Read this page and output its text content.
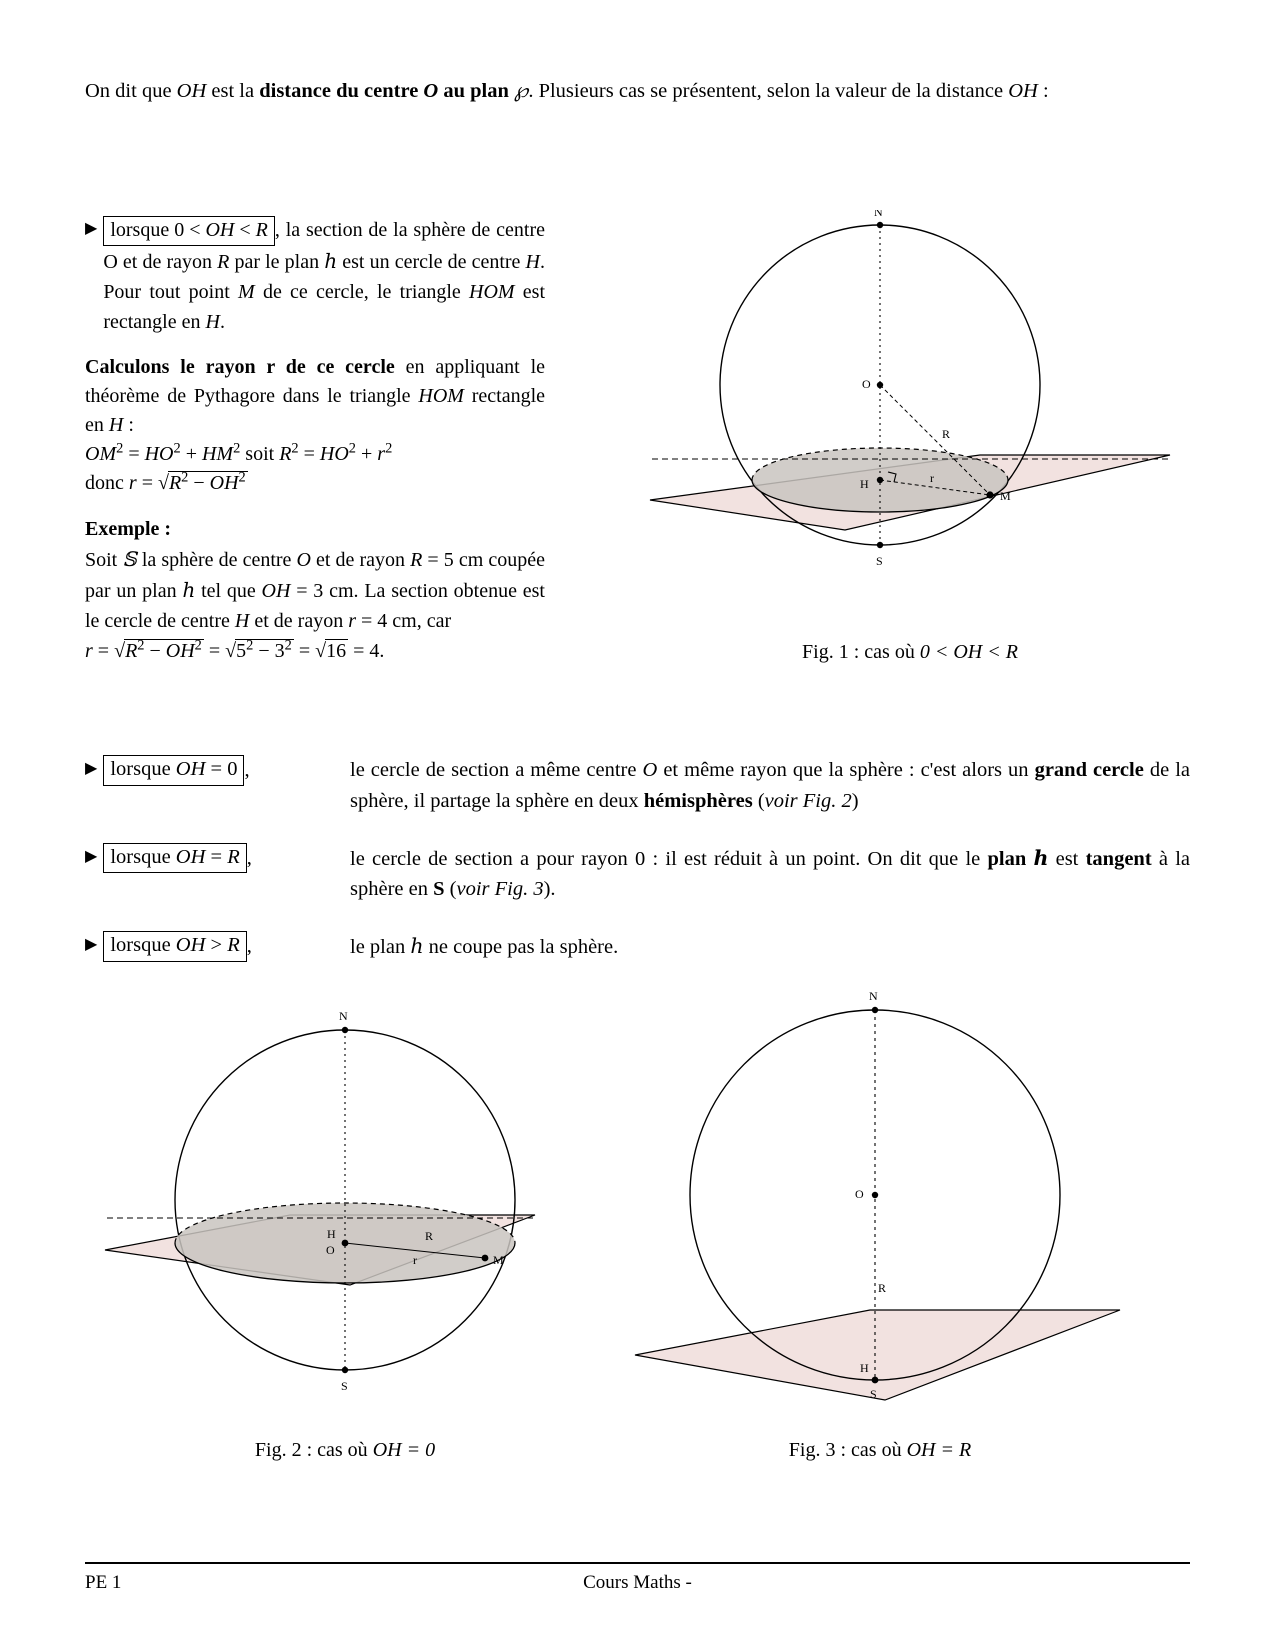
On dit que OH est la distance du centre O au plan ℘. Plusieurs cas se présentent, selon la valeur de la distance OH :
▶ lorsque 0 < OH < R , la section de la sphère de centre O et de rayon R par le plan ℎ est un cercle de centre H. Pour tout point M de ce cercle, le triangle HOM est rectangle en H.
Calculons le rayon r de ce cercle en appliquant le théorème de Pythagore dans le triangle HOM rectangle en H :
$OM^2 = HO^2 + HM^2$ soit $R^2 = HO^2 + r^2$
donc $r = √R^2 - OH^2$
Exemple :
Soit 𝕊 la sphère de centre O et de rayon R = 5 cm coupée par un plan ℎ tel que OH = 3 cm. La section obtenue est le cercle de centre H et de rayon r = 4 cm, car
$r = √R^2 - OH^2 = √5^2 - 3^2 = √16 = 4$.
N
S
O
H
M
R
r
Fig. 1 : cas où 0 < OH < R
▶ lorsque OH = 0 ,	le cercle de section a même centre O et même rayon que la sphère : c'est alors un grand cercle de la sphère, il partage la sphère en deux hémisphères (voir Fig. 2)
▶ lorsque OH = R ,	le cercle de section a pour rayon 0 : il est réduit à un point. On dit que le plan ℎ est tangent à la sphère en S (voir Fig. 3).
▶ lorsque OH > R ,	le plan ℎ ne coupe pas la sphère.
N
S
H
O
M
R
r
Fig. 2 : cas où OH = 0
N
O
H
S
R
Fig. 3 : cas où OH = R
Cours Maths -
PE 1
